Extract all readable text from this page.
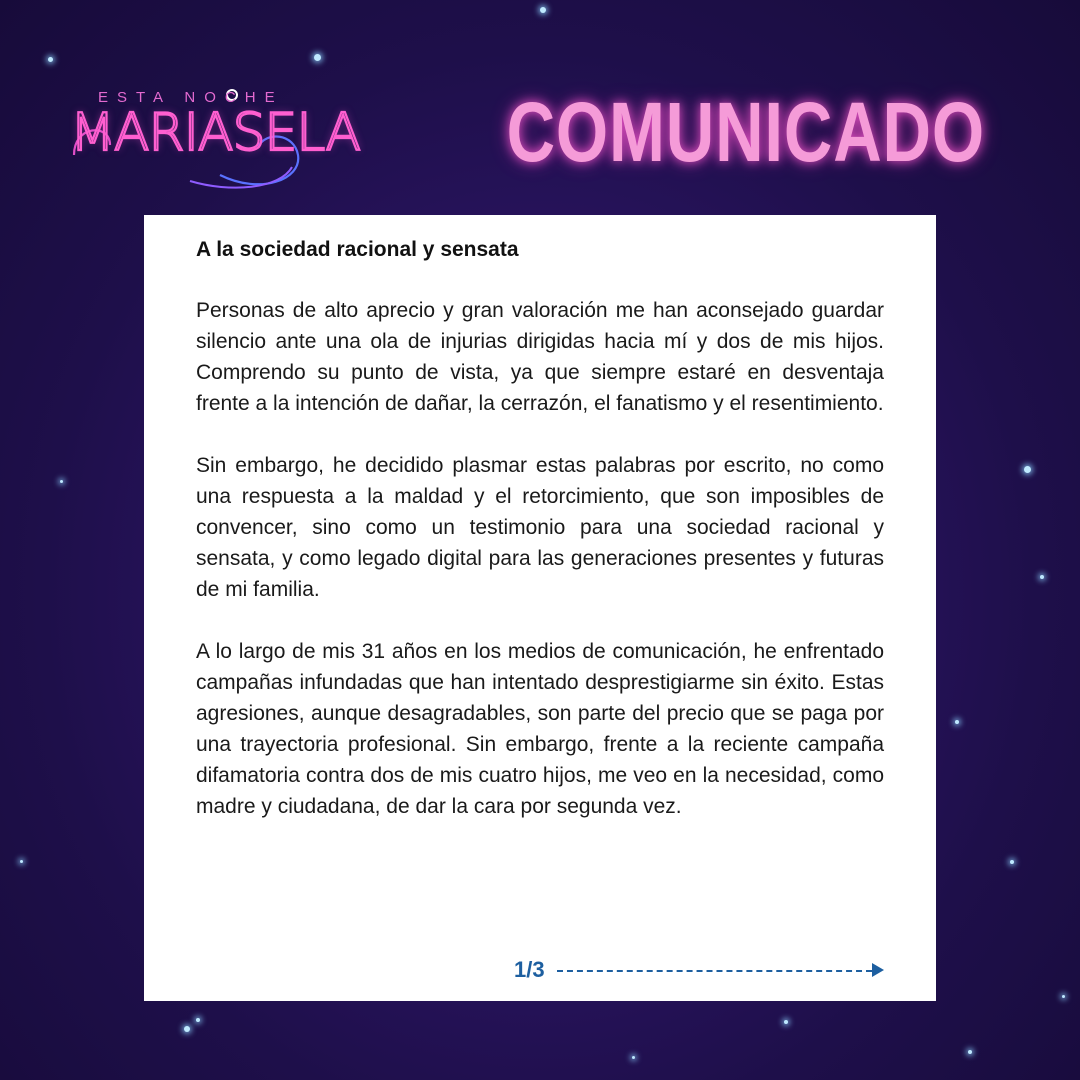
ESTA NOCHE
MARIASELA COMUNICADO
A la sociedad racional y sensata

Personas de alto aprecio y gran valoración me han aconsejado guardar silencio ante una ola de injurias dirigidas hacia mí y dos de mis hijos. Comprendo su punto de vista, ya que siempre estaré en desventaja frente a la intención de dañar, la cerrazón, el fanatismo y el resentimiento.

Sin embargo, he decidido plasmar estas palabras por escrito, no como una respuesta a la maldad y el retorcimiento, que son imposibles de convencer, sino como un testimonio para una sociedad racional y sensata, y como legado digital para las generaciones presentes y futuras de mi familia.

A lo largo de mis 31 años en los medios de comunicación, he enfrentado campañas infundadas que han intentado desprestigiarme sin éxito. Estas agresiones, aunque desagradables, son parte del precio que se paga por una trayectoria profesional. Sin embargo, frente a la reciente campaña difamatoria contra dos de mis cuatro hijos, me veo en la necesidad, como madre y ciudadana, de dar la cara por segunda vez.

1/3
